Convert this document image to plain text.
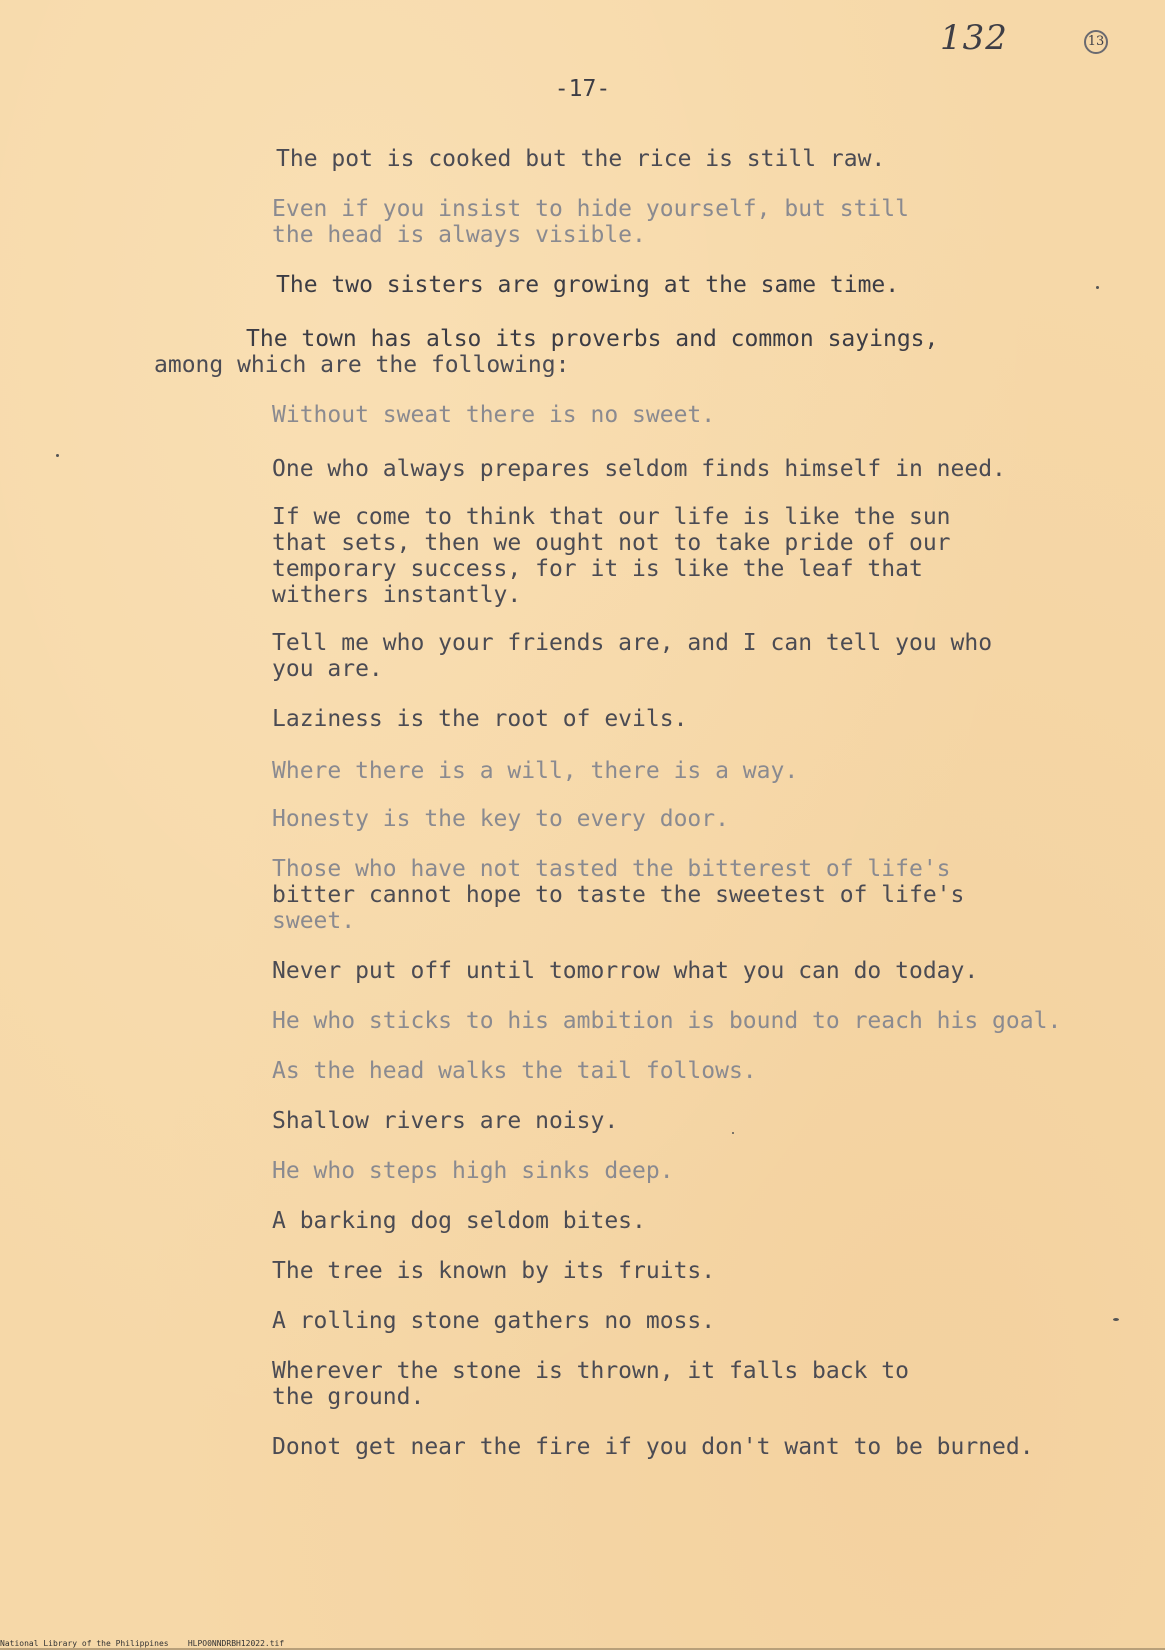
132	13
-17-
The pot is cooked but the rice is still raw.
Even if you insist to hide yourself, but still
the head is always visible.
The two sisters are growing at the same time.
The town has also its proverbs and common sayings,
among which are the following:
Without sweat there is no sweet.
One who always prepares seldom finds himself in need.
If we come to think that our life is like the sun
that sets, then we ought not to take pride of our
temporary success, for it is like the leaf that
withers instantly.
Tell me who your friends are, and I can tell you who
you are.
Laziness is the root of evils.
Where there is a will, there is a way.
Honesty is the key to every door.
Those who have not tasted the bitterest of life's
bitter cannot hope to taste the sweetest of life's
sweet.
Never put off until tomorrow what you can do today.
He who sticks to his ambition is bound to reach his goal.
As the head walks the tail follows.
Shallow rivers are noisy.
He who steps high sinks deep.
A barking dog seldom bites.
The tree is known by its fruits.
A rolling stone gathers no moss.
Wherever the stone is thrown, it falls back to
the ground.
Donot get near the fire if you don't want to be burned.
National Library of the Philippines    HLPO0NNDRBH12022.tif
